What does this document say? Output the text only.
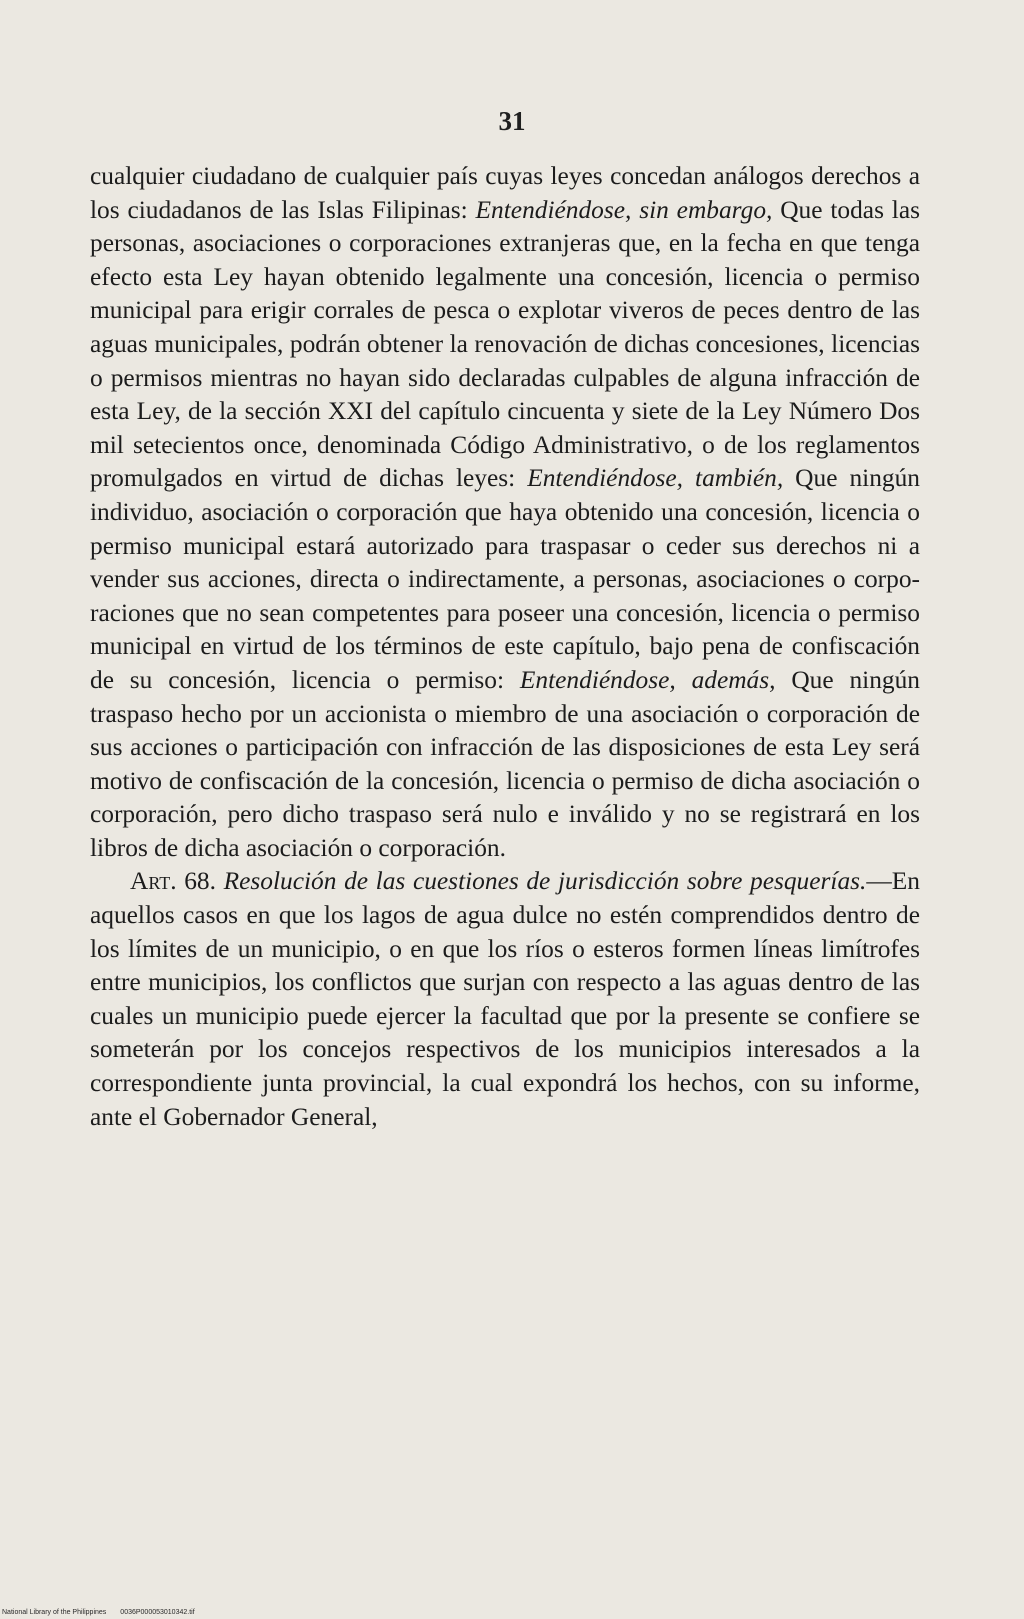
31

cualquier ciudadano de cualquier país cuyas leyes concedan análogos derechos a los ciudadanos de las Islas Filipinas: Entendiéndose, sin embargo, Que todas las personas, asociaciones o corporaciones extranjeras que, en la fecha en que tenga efecto esta Ley hayan obtenido legalmente una concesión, licencia o permiso municipal para erigir corrales de pesca o explotar viveros de peces dentro de las aguas municipales, podrán obtener la renovación de dichas concesiones, licencias o permisos mientras no hayan sido declaradas culpables de alguna infracción de esta Ley, de la sección XXI del capítulo cincuenta y siete de la Ley Número Dos mil setecientos once, denominada Código Administrativo, o de los reglamentos promulgados en virtud de dichas leyes: Entendiéndose, también, Que ningún individuo, asociación o corporación que haya obtenido una concesión, licencia o permiso municipal estará autorizado para traspasar o ceder sus derechos ni a vender sus acciones, directa o indirectamente, a personas, asociaciones o corporaciones que no sean competentes para poseer una concesión, licencia o permiso municipal en virtud de los términos de este capítulo, bajo pena de confiscación de su concesión, licencia o permiso: Entendiéndose, además, Que ningún traspaso hecho por un accionista o miembro de una asociación o corporación de sus acciones o participación con infracción de las disposiciones de esta Ley será motivo de confiscación de la concesión, licencia o permiso de dicha asociación o corporación, pero dicho traspaso será nulo e inválido y no se registrará en los libros de dicha asociación o corporación.

Art. 68. Resolución de las cuestiones de jurisdicción sobre pesquerías.—En aquellos casos en que los lagos de agua dulce no estén comprendidos dentro de los límites de un municipio, o en que los ríos o esteros formen líneas limítrofes entre municipios, los conflictos que surjan con respecto a las aguas dentro de las cuales un municipio puede ejercer la facultad que por la presente se confiere se someterán por los concejos respectivos de los municipios interesados a la correspondiente junta provincial, la cual expondrá los hechos, con su informe, ante el Gobernador General,

National Library of the Philippines 0036P000053010342.tif
